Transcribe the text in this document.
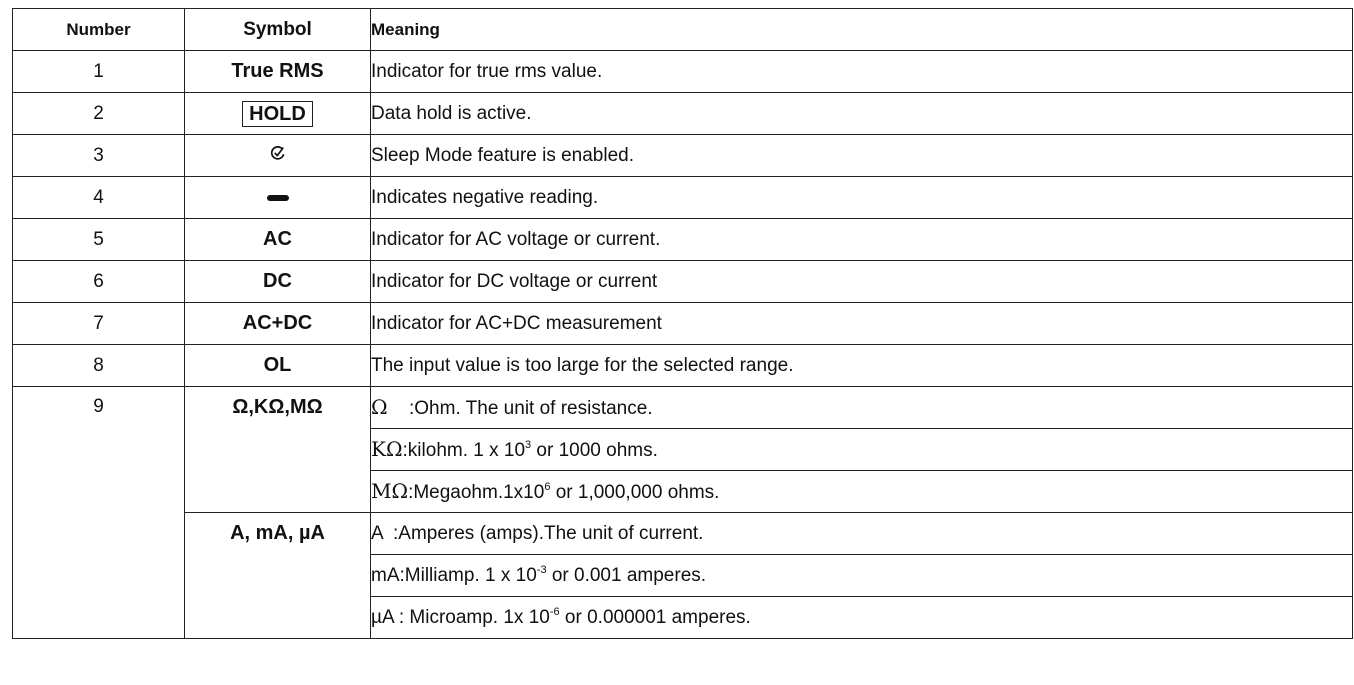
Number	Symbol	Meaning
1	True RMS	Indicator for true rms value.
2	HOLD	Data hold is active.
3		Sleep Mode feature is enabled.
4		Indicates negative reading.
5	AC	Indicator for AC voltage or current.
6	DC	Indicator for DC voltage or current
7	AC+DC	Indicator for AC+DC measurement
8	OL	The input value is too large for the selected range.
9	Ω,KΩ,MΩ	Ω :Ohm. The unit of resistance.
		KΩ:kilohm. 1 x $10^3$ or 1000 ohms.
		$M\Omega:Megaohm.1x10^6$ or 1,000,000 ohms.
	A, mA, µA	A :Amperes (amps).The unit of current.
		mA:Milliamp. 1 x $10^{-3}$ or 0.001 amperes.
		µA : Microamp. 1x $10^{-6}$ or 0.000001 amperes.
